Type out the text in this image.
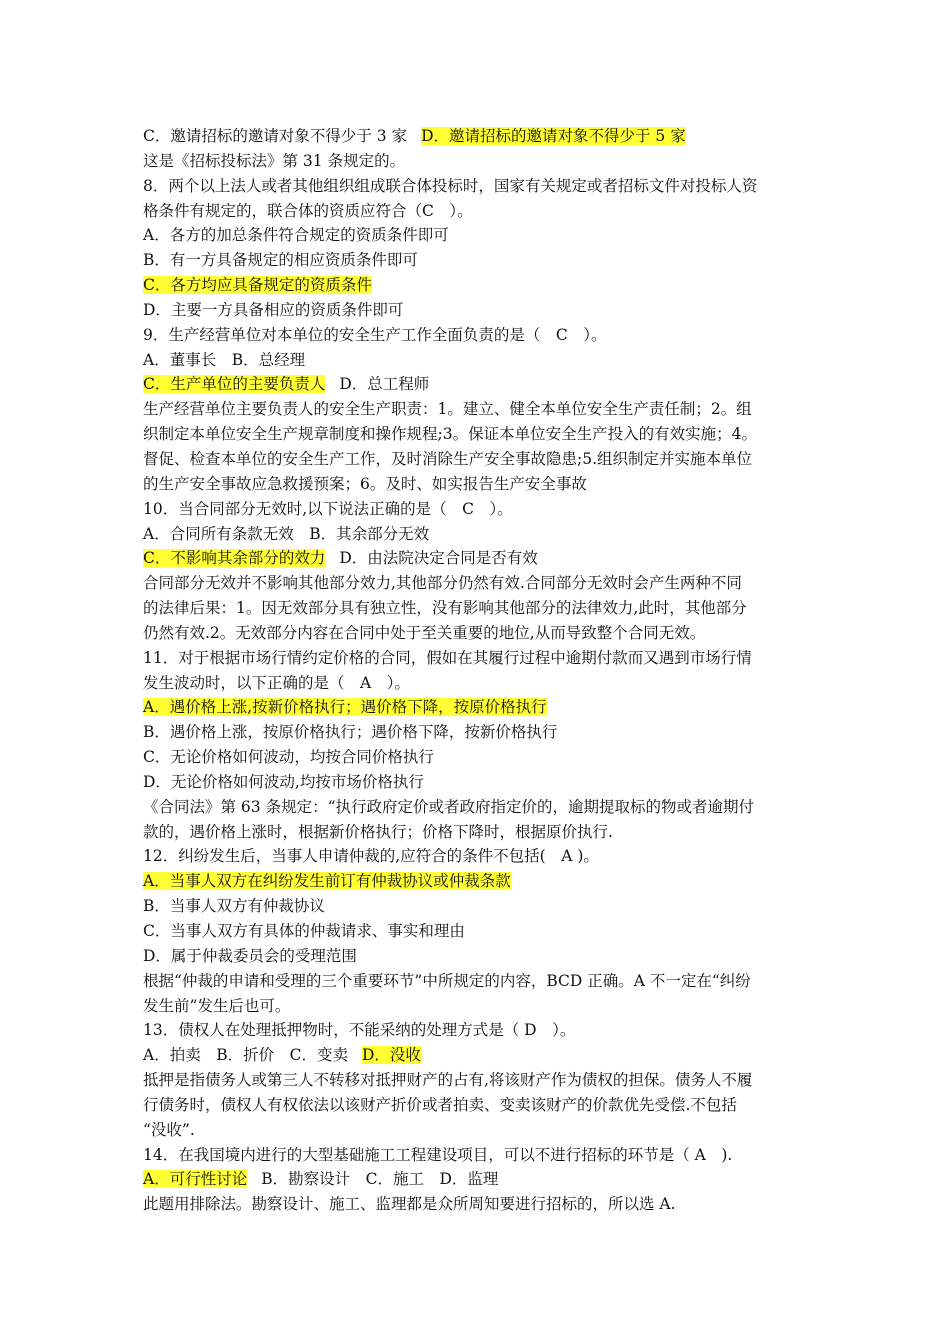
C．邀请招标的邀请对象不得少于 3 家 D．邀请招标的邀请对象不得少于 5 家
这是《招标投标法》第 31 条规定的。
8．两个以上法人或者其他组织组成联合体投标时，国家有关规定或者招标文件对投标人资
格条件有规定的，联合体的资质应符合（C　）。
A．各方的加总条件符合规定的资质条件即可
B．有一方具备规定的相应资质条件即可
C．各方均应具备规定的资质条件
D．主要一方具备相应的资质条件即可
9．生产经营单位对本单位的安全生产工作全面负责的是（　C　）。
A．董事长　B．总经理
C．生产单位的主要负责人 D．总工程师
生产经营单位主要负责人的安全生产职责：1。建立、健全本单位安全生产责任制；2。组
织制定本单位安全生产规章制度和操作规程;3。保证本单位安全生产投入的有效实施；4。
督促、检查本单位的安全生产工作，及时消除生产安全事故隐患;5.组织制定并实施本单位
的生产安全事故应急救援预案；6。及时、如实报告生产安全事故
10．当合同部分无效时,以下说法正确的是（　C　）。
A．合同所有条款无效　B．其余部分无效
C．不影响其余部分的效力 D．由法院决定合同是否有效
合同部分无效并不影响其他部分效力,其他部分仍然有效.合同部分无效时会产生两种不同
的法律后果：1。因无效部分具有独立性，没有影响其他部分的法律效力,此时，其他部分
仍然有效.2。无效部分内容在合同中处于至关重要的地位,从而导致整个合同无效。
11．对于根据市场行情约定价格的合同，假如在其履行过程中逾期付款而又遇到市场行情
发生波动时，以下正确的是（　A　）。
A．遇价格上涨,按新价格执行；遇价格下降，按原价格执行
B．遇价格上涨，按原价格执行；遇价格下降，按新价格执行
C．无论价格如何波动，均按合同价格执行
D．无论价格如何波动,均按市场价格执行
《合同法》第 63 条规定：“执行政府定价或者政府指定价的，逾期提取标的物或者逾期付
款的，遇价格上涨时，根据新价格执行；价格下降时，根据原价执行.
12．纠纷发生后，当事人申请仲裁的,应符合的条件不包括(　A )。
A．当事人双方在纠纷发生前订有仲裁协议或仲裁条款
B．当事人双方有仲裁协议
C．当事人双方有具体的仲裁请求、事实和理由
D．属于仲裁委员会的受理范围
根据“仲裁的申请和受理的三个重要环节”中所规定的内容，BCD 正确。A 不一定在“纠纷
发生前”发生后也可。
13．债权人在处理抵押物时，不能采纳的处理方式是（ D　）。
A．拍卖　B．折价　C．变卖 D．没收
抵押是指债务人或第三人不转移对抵押财产的占有,将该财产作为债权的担保。债务人不履
行债务时，债权人有权依法以该财产折价或者拍卖、变卖该财产的价款优先受偿.不包括
“没收”.
14．在我国境内进行的大型基础施工工程建设项目，可以不进行招标的环节是（ A　).
A．可行性讨论 B．勘察设计　C．施工　D．监理
此题用排除法。勘察设计、施工、监理都是众所周知要进行招标的，所以选 A.
